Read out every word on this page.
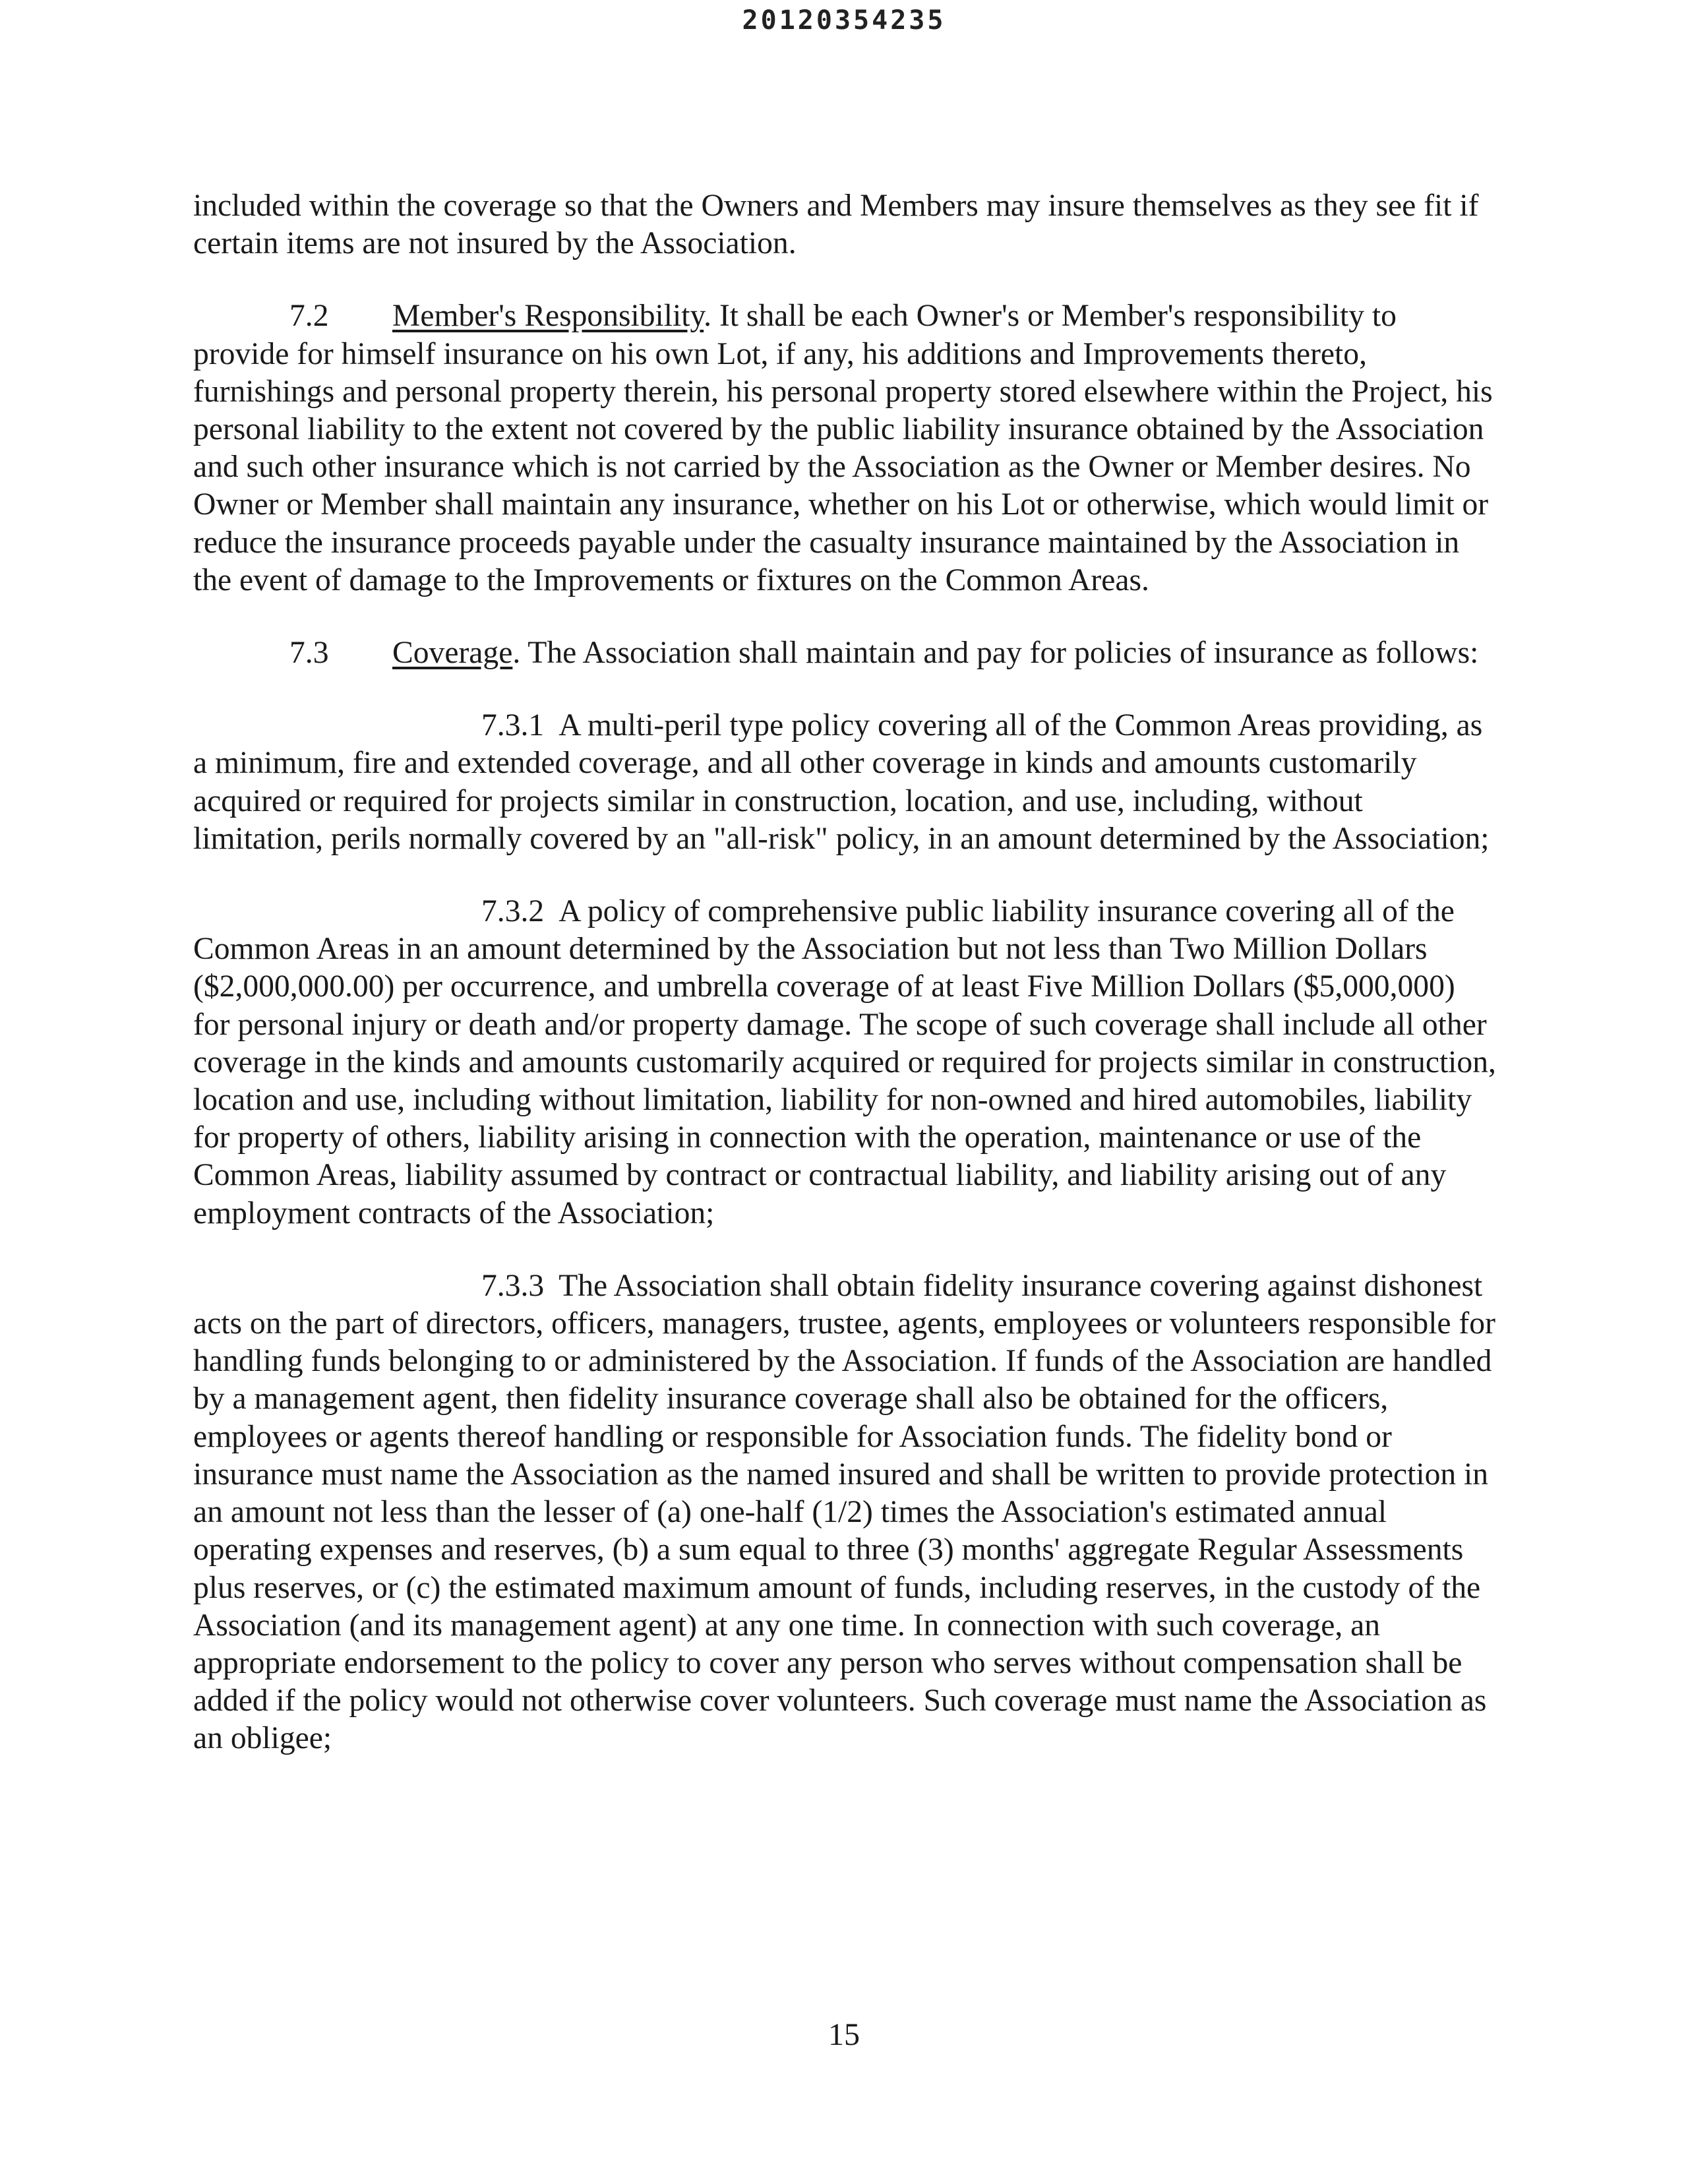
20120354235

included within the coverage so that the Owners and Members may insure themselves as they see fit if certain items are not insured by the Association.

7.2 Member's Responsibility. It shall be each Owner's or Member's responsibility to provide for himself insurance on his own Lot, if any, his additions and Improvements thereto, furnishings and personal property therein, his personal property stored elsewhere within the Project, his personal liability to the extent not covered by the public liability insurance obtained by the Association and such other insurance which is not carried by the Association as the Owner or Member desires. No Owner or Member shall maintain any insurance, whether on his Lot or otherwise, which would limit or reduce the insurance proceeds payable under the casualty insurance maintained by the Association in the event of damage to the Improvements or fixtures on the Common Areas.

7.3 Coverage. The Association shall maintain and pay for policies of insurance as follows:

7.3.1 A multi-peril type policy covering all of the Common Areas providing, as a minimum, fire and extended coverage, and all other coverage in kinds and amounts customarily acquired or required for projects similar in construction, location, and use, including, without limitation, perils normally covered by an "all-risk" policy, in an amount determined by the Association;

7.3.2 A policy of comprehensive public liability insurance covering all of the Common Areas in an amount determined by the Association but not less than Two Million Dollars ($2,000,000.00) per occurrence, and umbrella coverage of at least Five Million Dollars ($5,000,000) for personal injury or death and/or property damage. The scope of such coverage shall include all other coverage in the kinds and amounts customarily acquired or required for projects similar in construction, location and use, including without limitation, liability for non-owned and hired automobiles, liability for property of others, liability arising in connection with the operation, maintenance or use of the Common Areas, liability assumed by contract or contractual liability, and liability arising out of any employment contracts of the Association;

7.3.3 The Association shall obtain fidelity insurance covering against dishonest acts on the part of directors, officers, managers, trustee, agents, employees or volunteers responsible for handling funds belonging to or administered by the Association. If funds of the Association are handled by a management agent, then fidelity insurance coverage shall also be obtained for the officers, employees or agents thereof handling or responsible for Association funds. The fidelity bond or insurance must name the Association as the named insured and shall be written to provide protection in an amount not less than the lesser of (a) one-half (1/2) times the Association's estimated annual operating expenses and reserves, (b) a sum equal to three (3) months' aggregate Regular Assessments plus reserves, or (c) the estimated maximum amount of funds, including reserves, in the custody of the Association (and its management agent) at any one time. In connection with such coverage, an appropriate endorsement to the policy to cover any person who serves without compensation shall be added if the policy would not otherwise cover volunteers. Such coverage must name the Association as an obligee;

15
